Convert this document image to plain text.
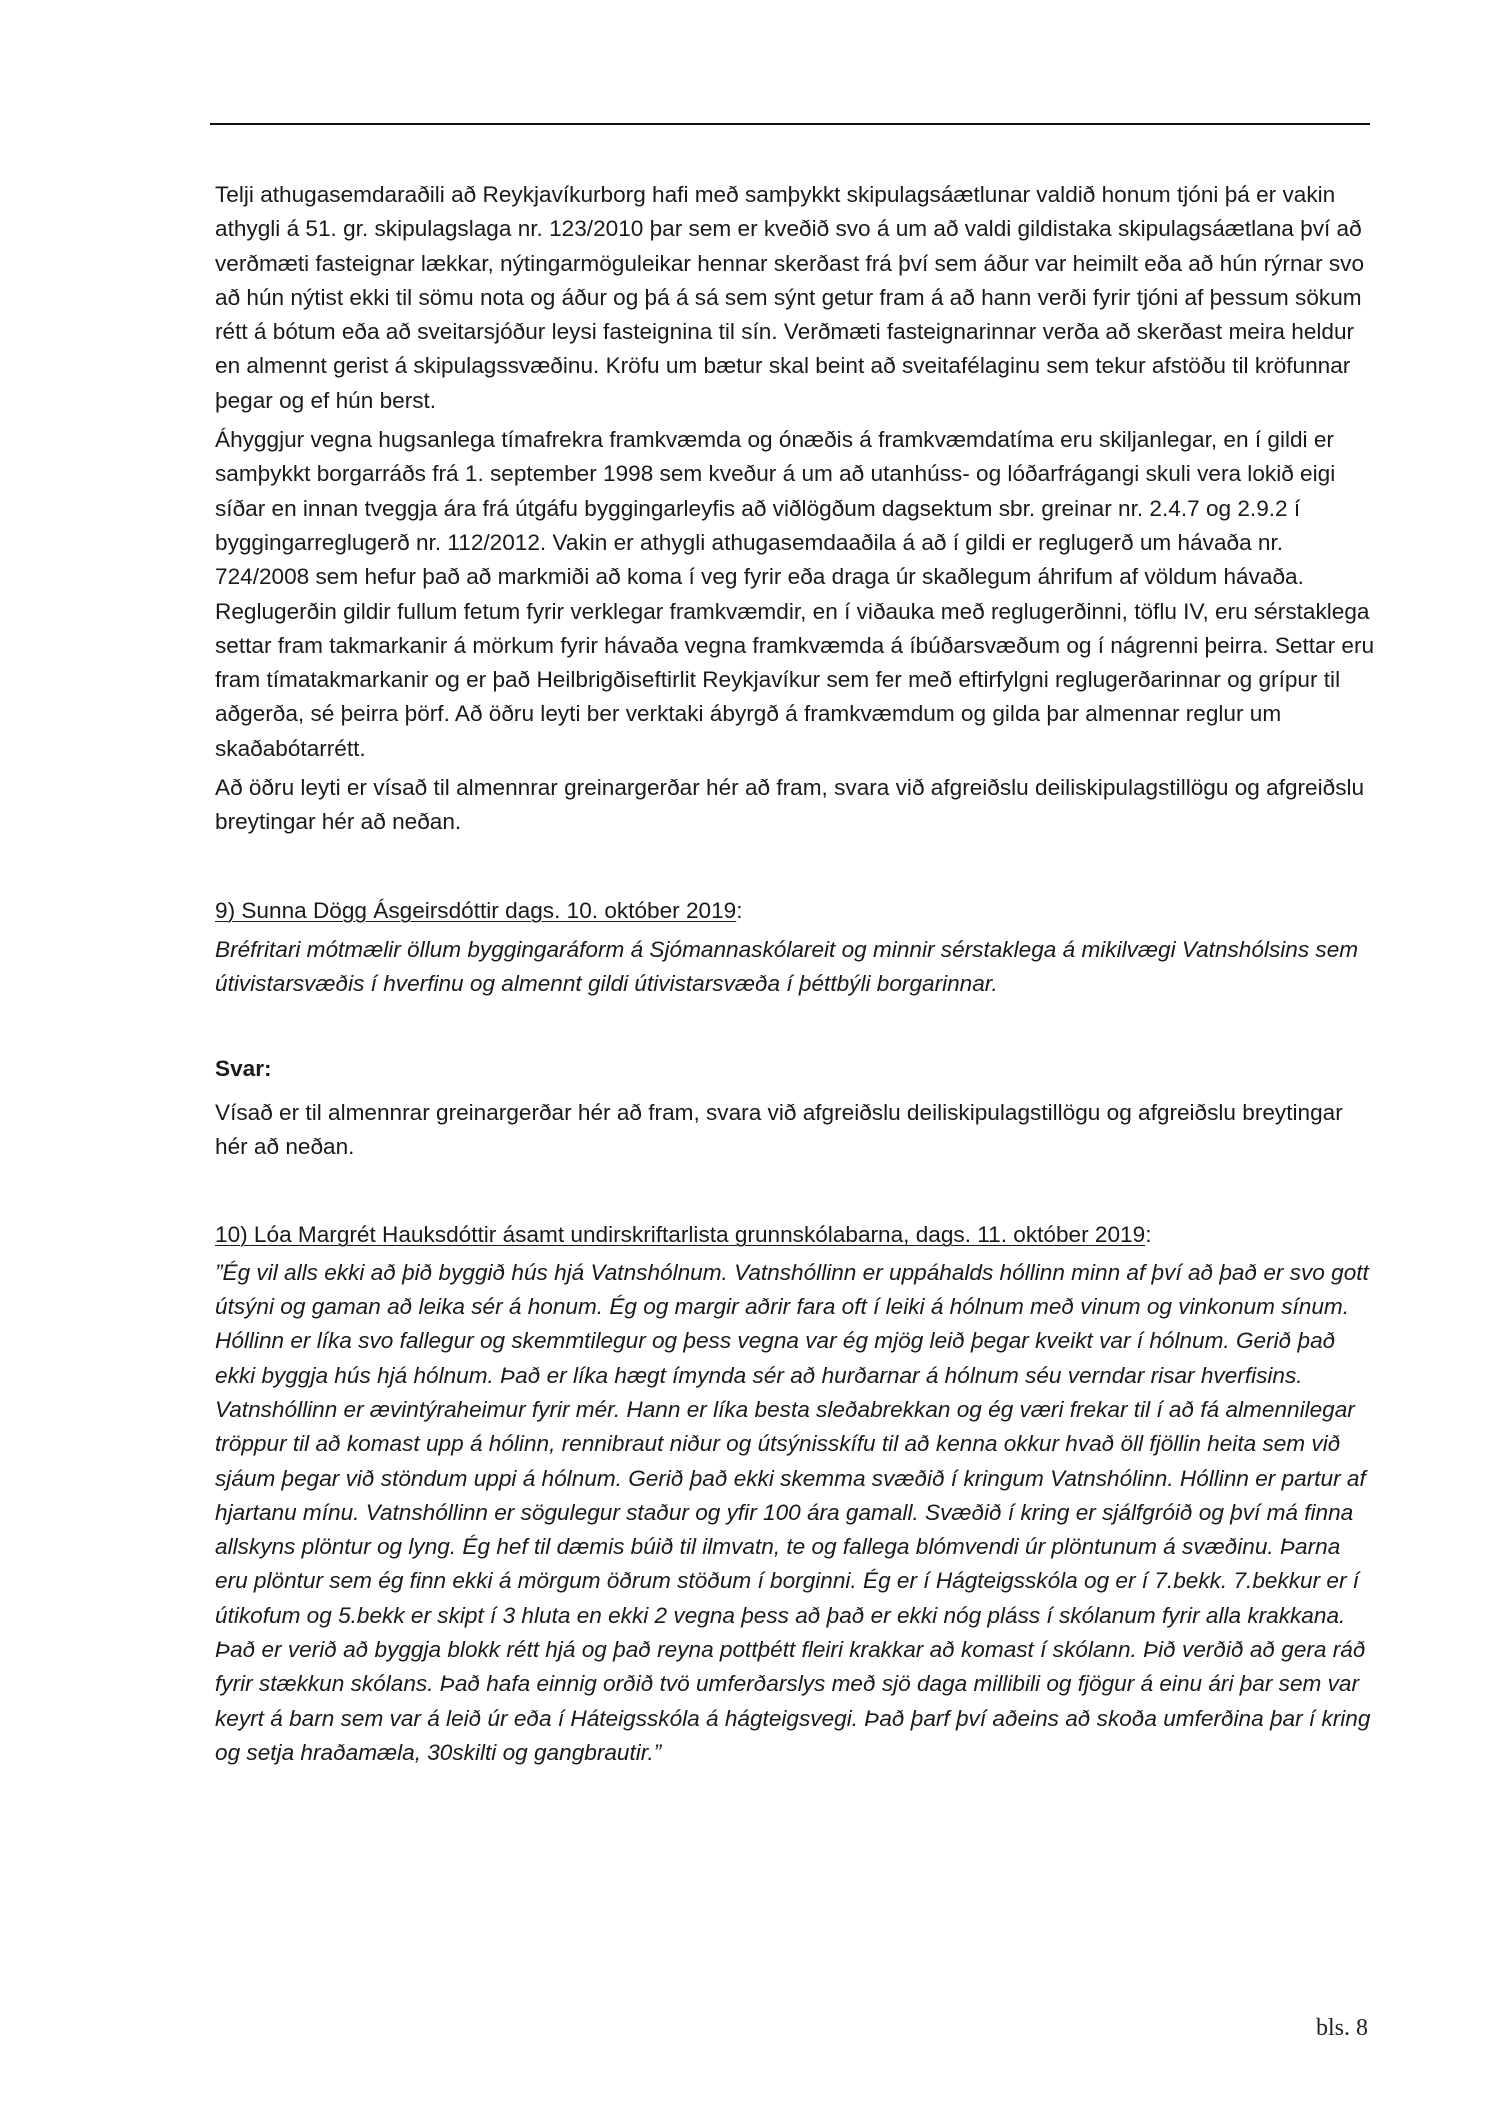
Telji athugasemdaraðili að Reykjavíkurborg hafi með samþykkt skipulagsáætlunar valdið honum tjóni þá er vakin athygli á 51. gr. skipulagslaga nr. 123/2010 þar sem er kveðið svo á um að valdi gildistaka skipulagsáætlana því að verðmæti fasteignar lækkar, nýtingarmöguleikar hennar skerðast frá því sem áður var heimilt eða að hún rýrnar svo að hún nýtist ekki til sömu nota og áður og þá á sá sem sýnt getur fram á að hann verði fyrir tjóni af þessum sökum rétt á bótum eða að sveitarsjóður leysi fasteignina til sín. Verðmæti fasteignarinnar verða að skerðast meira heldur en almennt gerist á skipulagssvæðinu. Kröfu um bætur skal beint að sveitafélaginu sem tekur afstöðu til kröfunnar þegar og ef hún berst.

Áhyggjur vegna hugsanlega tímafrekra framkvæmda og ónæðis á framkvæmdatíma eru skiljanlegar, en í gildi er samþykkt borgarráðs frá 1. september 1998 sem kveður á um að utanhúss- og lóðarfrágangi skuli vera lokið eigi síðar en innan tveggja ára frá útgáfu byggingarleyfis að viðlögðum dagsektum sbr. greinar nr. 2.4.7 og 2.9.2 í byggingarreglugerð nr. 112/2012. Vakin er athygli athugasemdaaðila á að í gildi er reglugerð um hávaða nr. 724/2008 sem hefur það að markmiði að koma í veg fyrir eða draga úr skaðlegum áhrifum af völdum hávaða. Reglugerðin gildir fullum fetum fyrir verklegar framkvæmdir, en í viðauka með reglugerðinni, töflu IV, eru sérstaklega settar fram takmarkanir á mörkum fyrir hávaða vegna framkvæmda á íbúðarsvæðum og í nágrenni þeirra. Settar eru fram tímatakmarkanir og er það Heilbrigðiseftirlit Reykjavíkur sem fer með eftirfylgni reglugerðarinnar og grípur til aðgerða, sé þeirra þörf. Að öðru leyti ber verktaki ábyrgð á framkvæmdum og gilda þar almennar reglur um skaðabótarrétt.

Að öðru leyti er vísað til almennrar greinargerðar hér að fram, svara við afgreiðslu deiliskipulagstillögu og afgreiðslu breytingar hér að neðan.

9) Sunna Dögg Ásgeirsdóttir dags. 10. október 2019:

Bréfritari mótmælir öllum byggingaráform á Sjómannaskólareit og minnir sérstaklega á mikilvægi Vatnshólsins sem útivistarsvæðis í hverfinu og almennt gildi útivistarsvæða í þéttbýli borgarinnar.

Svar:

Vísað er til almennrar greinargerðar hér að fram, svara við afgreiðslu deiliskipulagstillögu og afgreiðslu breytingar hér að neðan.

10) Lóa Margrét Hauksdóttir ásamt undirskriftarlista grunnskólabarna, dags. 11. október 2019:

”Ég vil alls ekki að þið byggið hús hjá Vatnshólnum. Vatnshóllinn er uppáhalds hóllinn minn af því að það er svo gott útsýni og gaman að leika sér á honum. Ég og margir aðrir fara oft í leiki á hólnum með vinum og vinkonum sínum. Hóllinn er líka svo fallegur og skemmtilegur og þess vegna var ég mjög leið þegar kveikt var í hólnum. Gerið það ekki byggja hús hjá hólnum. Það er líka hægt ímynda sér að hurðarnar á hólnum séu verndar risar hverfisins. Vatnshóllinn er ævintýraheimur fyrir mér. Hann er líka besta sleðabrekkan og ég væri frekar til í að fá almennilegar tröppur til að komast upp á hólinn, rennibraut niður og útsýnisskífu til að kenna okkur hvað öll fjöllin heita sem við sjáum þegar við stöndum uppi á hólnum. Gerið það ekki skemma svæðið í kringum Vatnshólinn. Hóllinn er partur af hjartanu mínu. Vatnshóllinn er sögulegur staður og yfir 100 ára gamall. Svæðið í kring er sjálfgróið og því má finna allskyns plöntur og lyng. Ég hef til dæmis búið til ilmvatn, te og fallega blómvendi úr plöntunum á svæðinu. Þarna eru plöntur sem ég finn ekki á mörgum öðrum stöðum í borginni. Ég er í Hágteigsskóla og er í 7.bekk. 7.bekkur er í útikofum og 5.bekk er skipt í 3 hluta en ekki 2 vegna þess að það er ekki nóg pláss í skólanum fyrir alla krakkana. Það er verið að byggja blokk rétt hjá og það reyna pottþétt fleiri krakkar að komast í skólann. Þið verðið að gera ráð fyrir stækkun skólans. Það hafa einnig orðið tvö umferðarslys með sjö daga millibili og fjögur á einu ári þar sem var keyrt á barn sem var á leið úr eða í Háteigsskóla á hágteigsvegi. Það þarf því aðeins að skoða umferðina þar í kring og setja hraðamæla, 30skilti og gangbrautir.”

bls. 8
